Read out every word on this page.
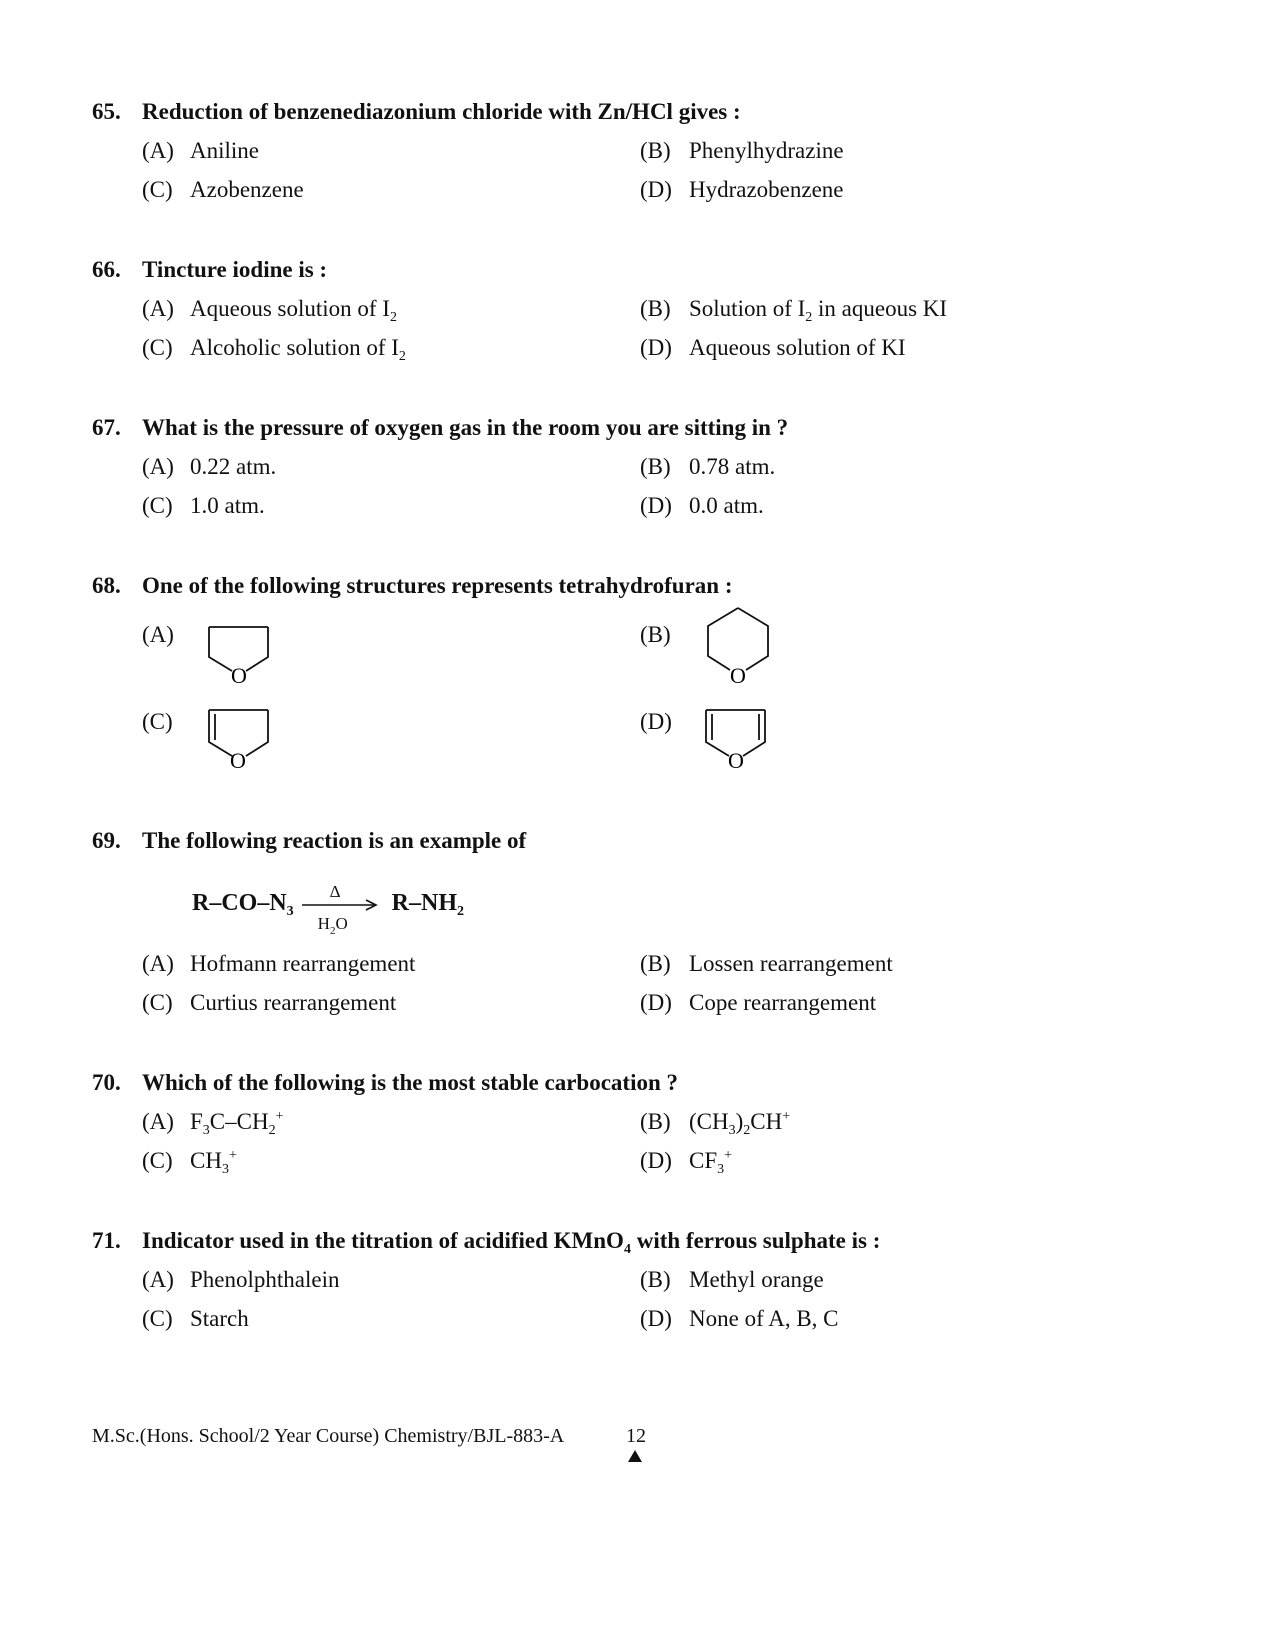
65. Reduction of benzenediazonium chloride with Zn/HCl gives :
(A) Aniline	(B) Phenylhydrazine
(C) Azobenzene	(D) Hydrazobenzene
66. Tincture iodine is :
(A) Aqueous solution of $I_2$	(B) Solution of $I_2$ in aqueous KI
(C) Alcoholic solution of $I_2$	(D) Aqueous solution of KI
67. What is the pressure of oxygen gas in the room you are sitting in ?
(A) 0.22 atm.	(B) 0.78 atm.
(C) 1.0 atm.	(D) 0.0 atm.
68. One of the following structures represents tetrahydrofuran :
(A)
O
(B)
O
(C)
O
(D)
O
69. The following reaction is an example of
$R-CO-N_3$
Δ
$H_2O$
$R-NH_2$
(A) Hofmann rearrangement	(B) Lossen rearrangement
(C) Curtius rearrangement	(D) Cope rearrangement
70. Which of the following is the most stable carbocation ?
(A) $F_3C-CH_2^+$	(B) $(CH_3)_2CH^+$
(C) $CH_3^+$	(D) $CF_3^+$
71. Indicator used in the titration of acidified KMnO$_4$ with ferrous sulphate is :
(A) Phenolphthalein	(B) Methyl orange
(C) Starch	(D) None of A, B, C
M.Sc.(Hons. School/2 Year Course) Chemistry/BJL-883-A	12
